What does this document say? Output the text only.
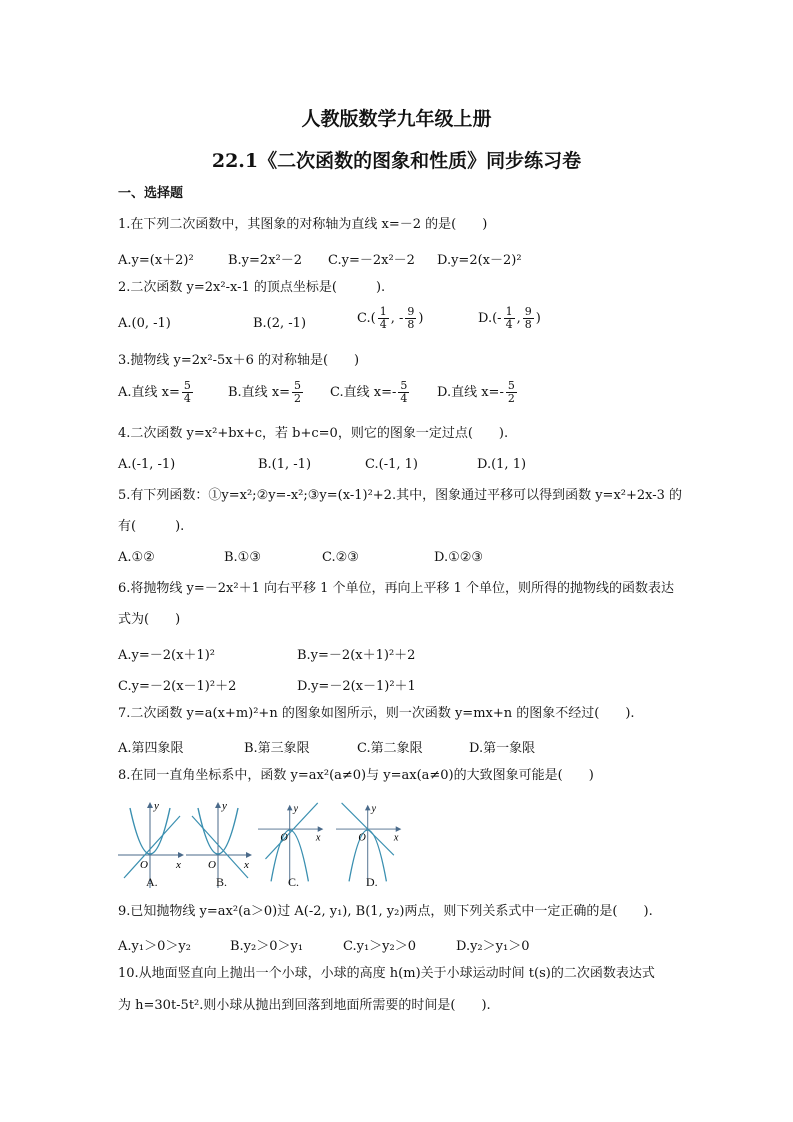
人教版数学九年级上册
22.1《二次函数的图象和性质》同步练习卷
一、选择题
1.在下列二次函数中，其图象的对称轴为直线 x=－2 的是(　　)
A.y=(x＋2)²	B.y=2x²－2 C.y=－2x²－2 D.y=2(x－2)²
2.二次函数 y=2x²-x-1 的顶点坐标是(　　　).
A.(0, -1)	B.(2, -1)	$C.( \frac{1}{4}$ , - $\frac{9}{8}$ )	$D.(- \frac{1}{4}$ , $\frac{9}{8}$ )
3.抛物线 y=2x²-5x＋6 的对称轴是(　　)
A.直线 $x= \frac{5}{4}$	B.直线 $x= \frac{5}{2} C$.直线 $x=- \frac{5}{4} D$.直线 $x=- \frac{5}{2}$
4.二次函数 y=x²+bx+c，若 b+c=0，则它的图象一定过点(　　).
A.(-1, -1)	B.(1, -1)	C.(-1, 1)	D.(1, 1)
5.有下列函数：①y=x²;②y=-x²;③y=(x-1)²+2.其中，图象通过平移可以得到函数 y=x²+2x-3 的
有(　　　).
A.①②	B.①③	C.②③	D.①②③
6.将抛物线 y=－2x²＋1 向右平移 1 个单位，再向上平移 1 个单位，则所得的抛物线的函数表达
式为(　　)
A.y=－2(x＋1)²	B.y=－2(x＋1)²＋2
C.y=－2(x－1)²＋2	D.y=－2(x－1)²＋1
7.二次函数 y=a(x+m)²+n 的图象如图所示，则一次函数 y=mx+n 的图象不经过(　　).
A.第四象限	B.第三象限	C.第二象限	D.第一象限
8.在同一直角坐标系中，函数 y=ax²(a≠0)与 y=ax(a≠0)的大致图象可能是(　　)
y
x
O
y
x
O
y
x
O
y
x
O
A.	B.	C.	D.
9.已知抛物线 y=ax²(a＞0)过 A(-2, y₁), B(1, y₂)两点，则下列关系式中一定正确的是(　　).
A.y₁＞0＞y₂	B.y₂＞0＞y₁	C.y₁＞y₂＞0	D.y₂＞y₁＞0
10.从地面竖直向上抛出一个小球，小球的高度 h(m)关于小球运动时间 t(s)的二次函数表达式
为 h=30t-5t².则小球从抛出到回落到地面所需要的时间是(　　).
